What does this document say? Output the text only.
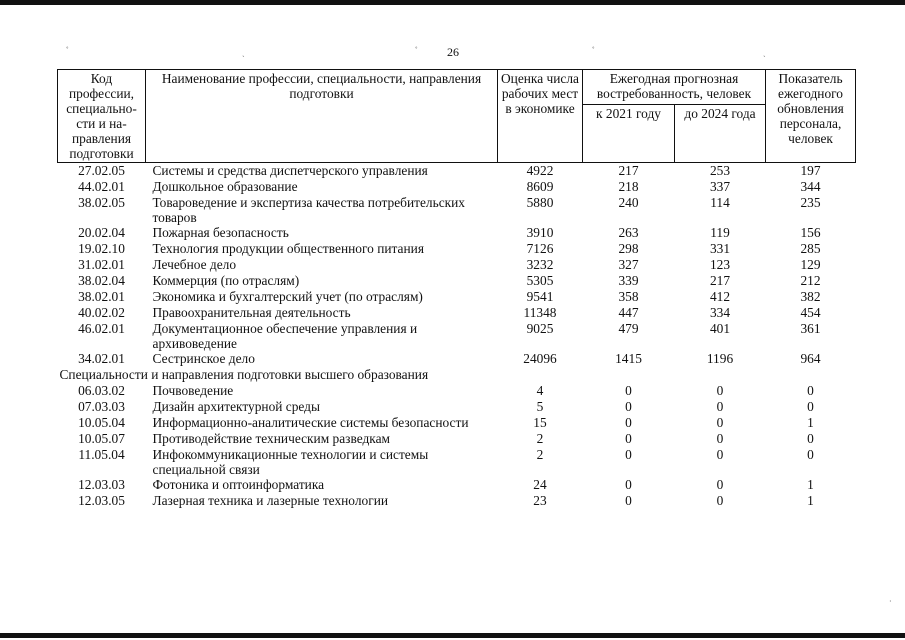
˚	ˎ	˚	˚	ˎ
·
26
Код профессии, специально-сти и на-правления подготовки	Наименование профессии, специальности, направления подготовки	Оценка числа рабочих мест в экономике	Ежегодная прогнозная востребованность, человек		Показатель ежегодного обновления персонала, человек
			к 2021 году	до 2024 года	
27.02.05	Системы и средства диспетчерского управления	4922	217	253	197
44.02.01	Дошкольное образование	8609	218	337	344
38.02.05	Товароведение и экспертиза качества потребительских товаров	5880	240	114	235
20.02.04	Пожарная безопасность	3910	263	119	156
19.02.10	Технология продукции общественного питания	7126	298	331	285
31.02.01	Лечебное дело	3232	327	123	129
38.02.04	Коммерция (по отраслям)	5305	339	217	212
38.02.01	Экономика и бухгалтерский учет (по отраслям)	9541	358	412	382
40.02.02	Правоохранительная деятельность	11348	447	334	454
46.02.01	Документационное обеспечение управления и архивоведение	9025	479	401	361
34.02.01	Сестринское дело	24096	1415	1196	964
Специальности и направления подготовки высшего образования					
06.03.02	Почвоведение	4	0	0	0
07.03.03	Дизайн архитектурной среды	5	0	0	0
10.05.04	Информационно-аналитические системы безопасности	15	0	0	1
10.05.07	Противодействие техническим разведкам	2	0	0	0
11.05.04	Инфокоммуникационные технологии и системы специальной связи	2	0	0	0
12.03.03	Фотоника и оптоинформатика	24	0	0	1
12.03.05	Лазерная техника и лазерные технологии	23	0	0	1
